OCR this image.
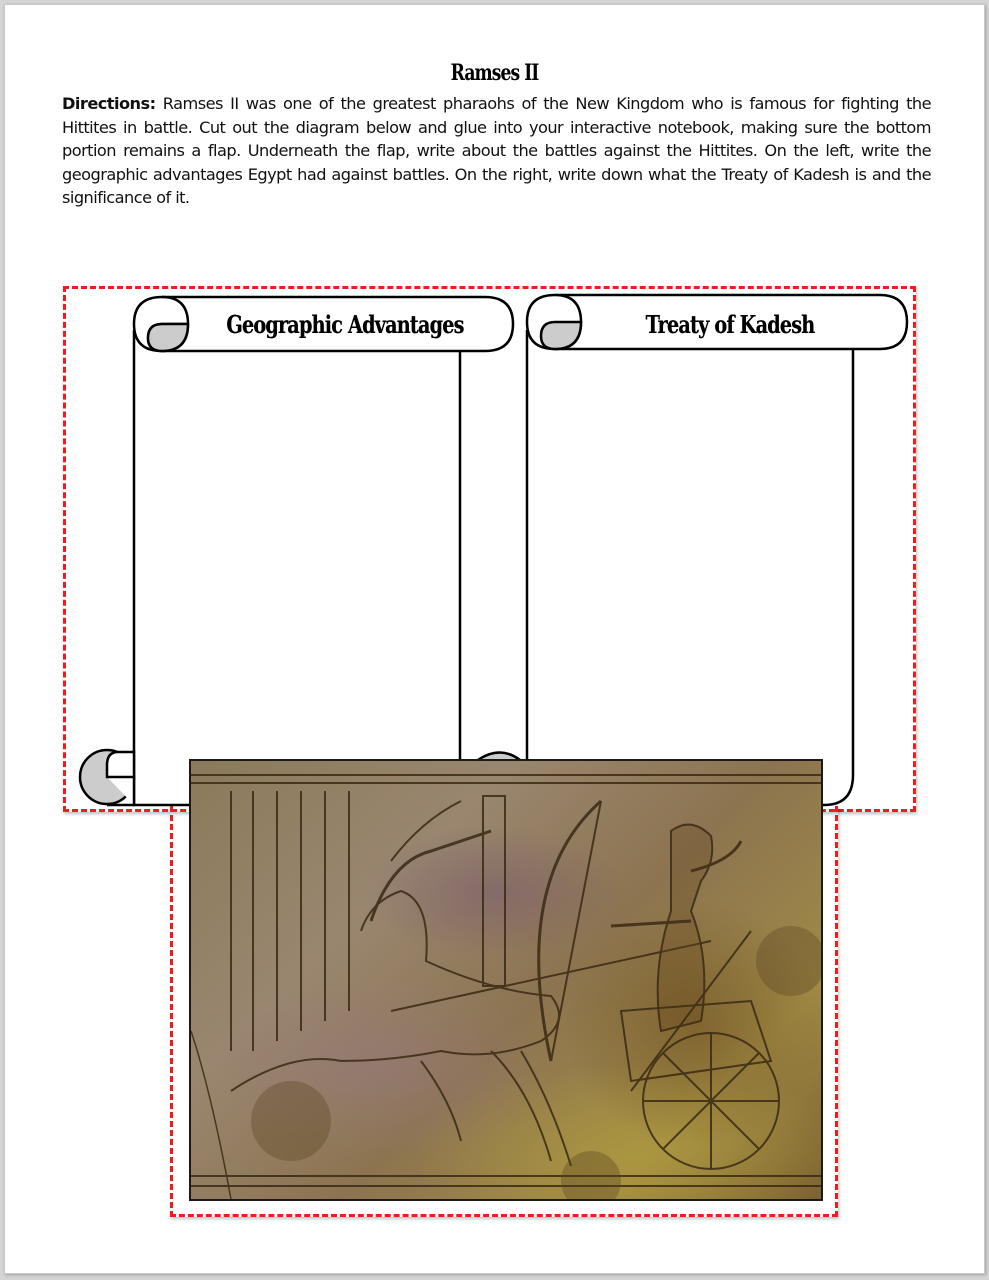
Ramses II
Directions: Ramses II was one of the greatest pharaohs of the New Kingdom who is famous for fighting the Hittites in battle. Cut out the diagram below and glue into your interactive notebook, making sure the bottom portion remains a flap. Underneath the flap, write about the battles against the Hittites. On the left, write the geographic advantages Egypt had against battles. On the right, write down what the Treaty of Kadesh is and the significance of it.
Geographic Advantages	Treaty of Kadesh
